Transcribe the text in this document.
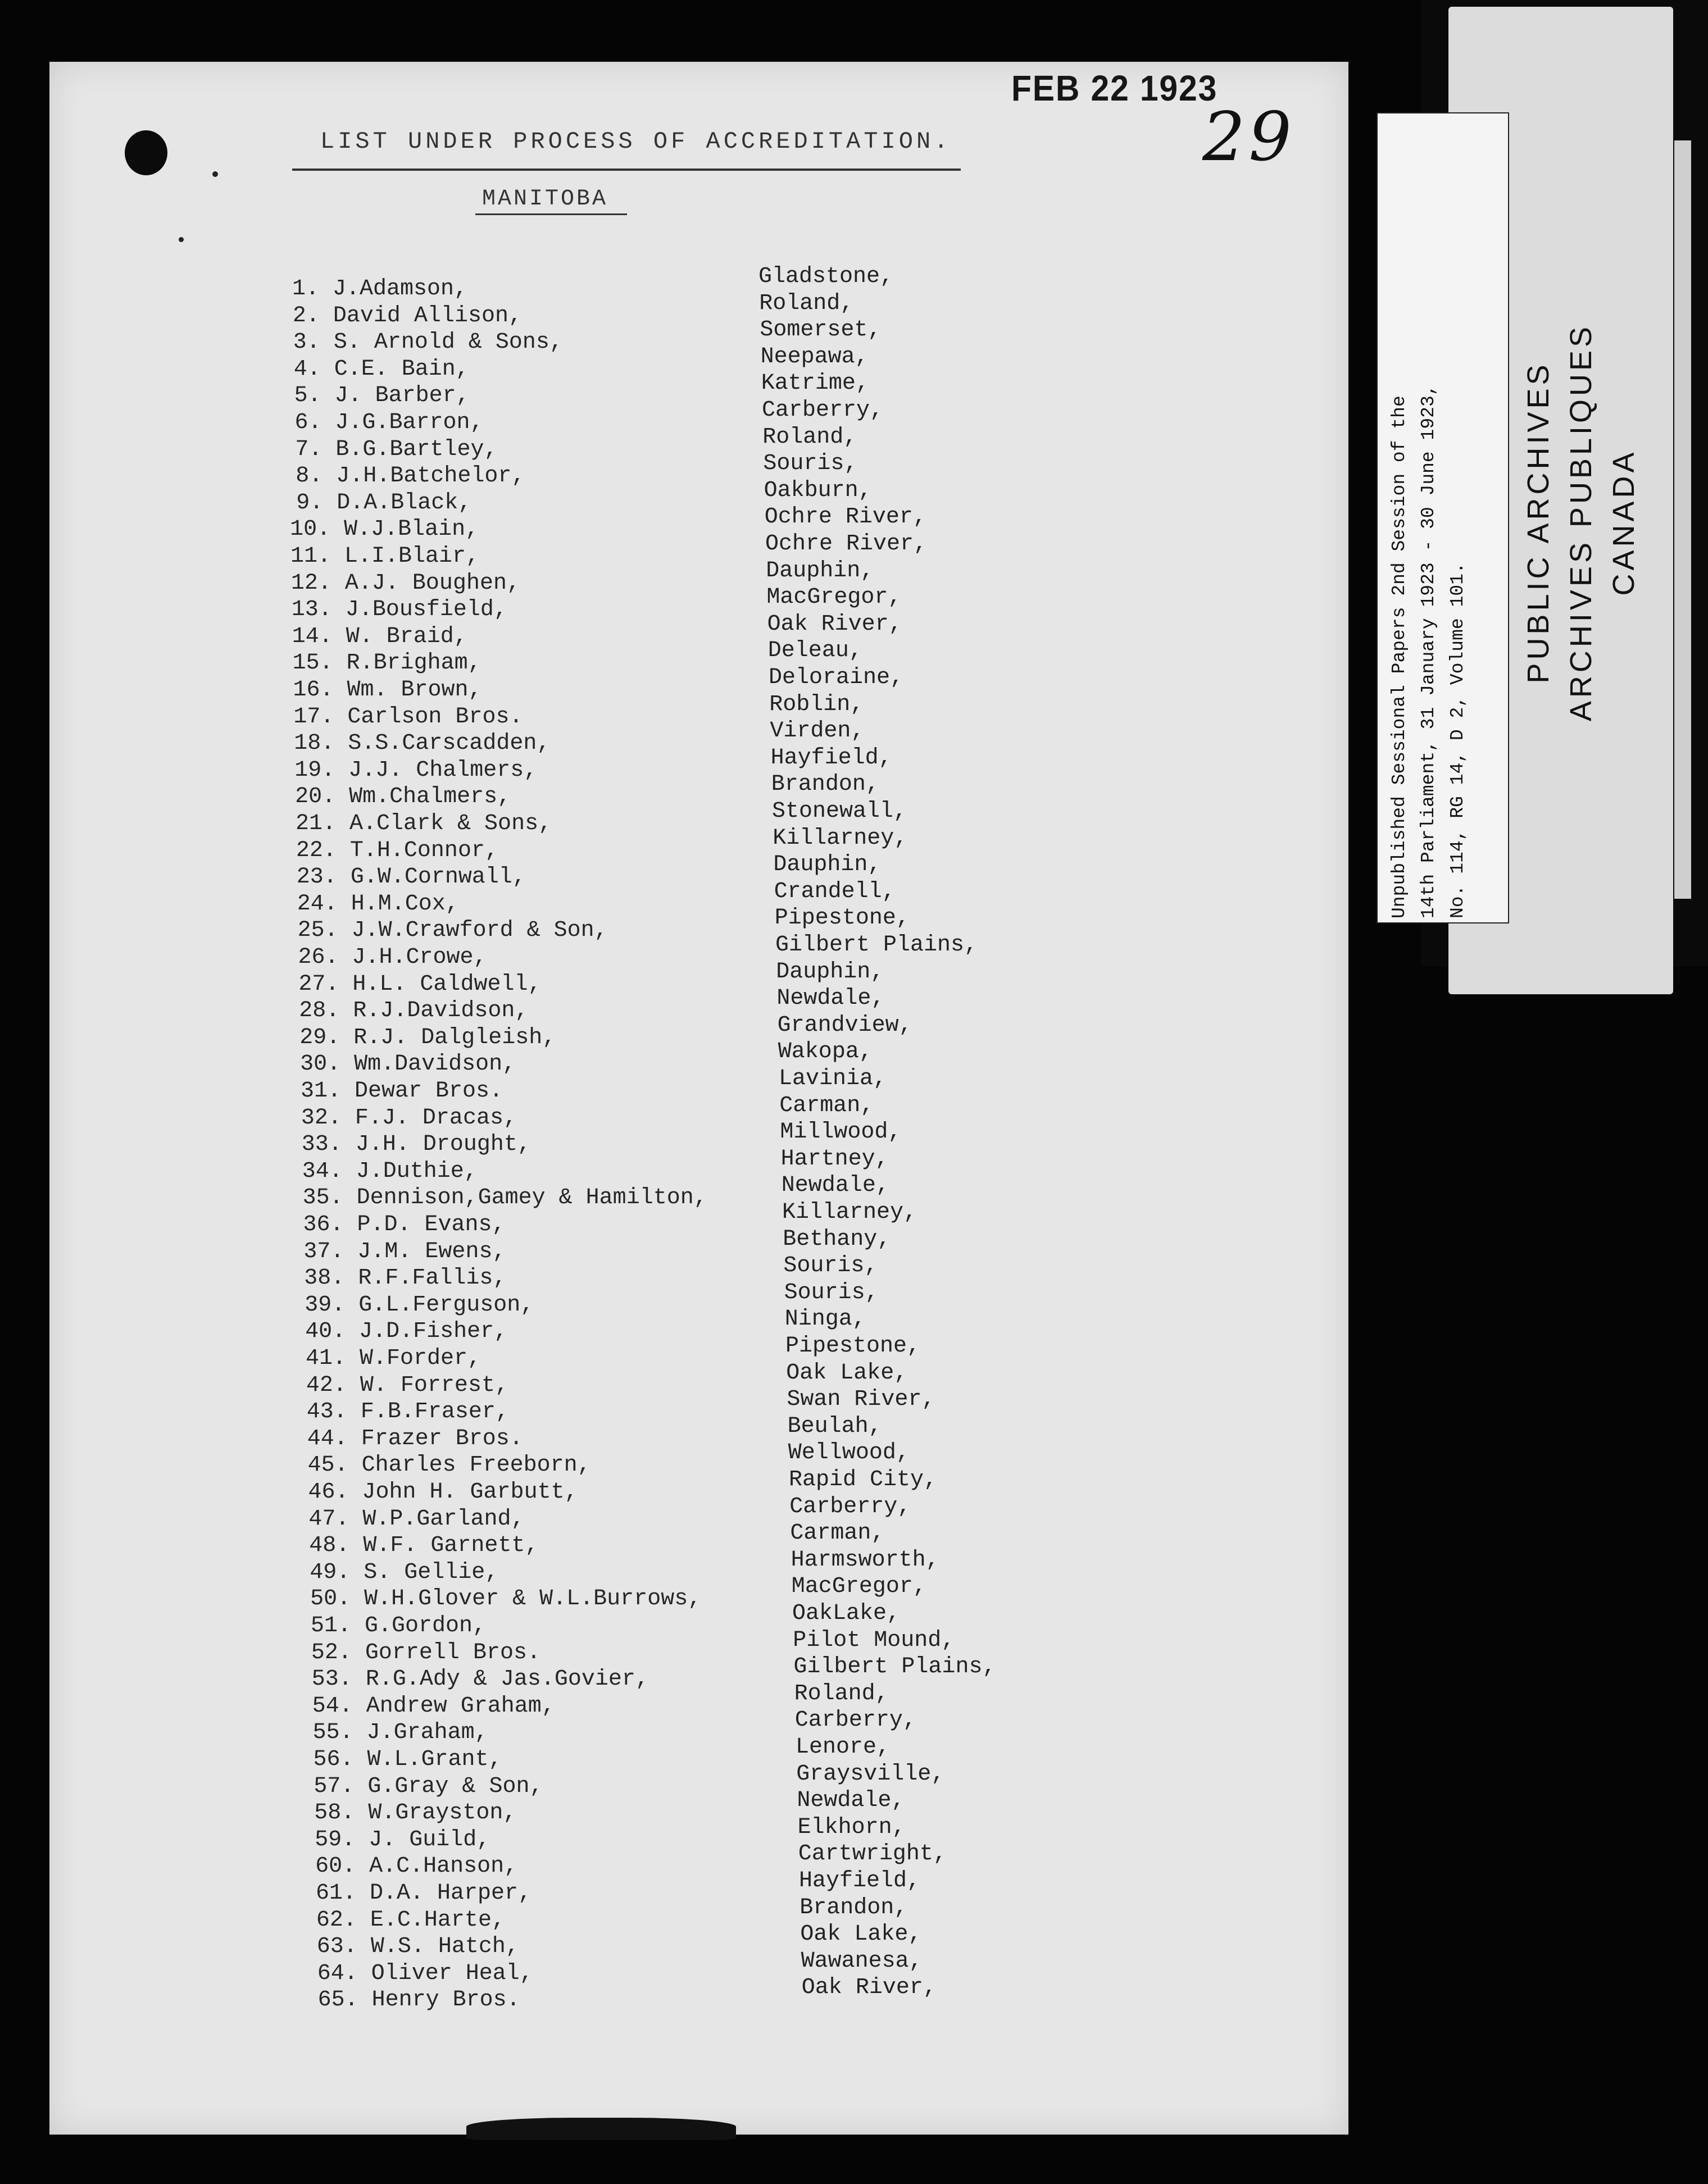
FEB 22 1923
29
LIST UNDER PROCESS OF ACCREDITATION.
MANITOBA
1. J.Adamson,	Gladstone,
2. David Allison,	Roland,
3. S. Arnold & Sons,	Somerset,
4. C.E. Bain,	Neepawa,
5. J. Barber,	Katrime,
6. J.G.Barron,	Carberry,
7. B.G.Bartley,	Roland,
8. J.H.Batchelor,	Souris,
9. D.A.Black,	Oakburn,
10. W.J.Blain,	Ochre River,
11. L.I.Blair,	Ochre River,
12. A.J. Boughen,	Dauphin,
13. J.Bousfield,	MacGregor,
14. W. Braid,	Oak River,
15. R.Brigham,	Deleau,
16. Wm. Brown,	Deloraine,
17. Carlson Bros.	Roblin,
18. S.S.Carscadden,	Virden,
19. J.J. Chalmers,	Hayfield,
20. Wm.Chalmers,	Brandon,
21. A.Clark & Sons,	Stonewall,
22. T.H.Connor,	Killarney,
23. G.W.Cornwall,	Dauphin,
24. H.M.Cox,	Crandell,
25. J.W.Crawford & Son,	Pipestone,
26. J.H.Crowe,	Gilbert Plains,
27. H.L. Caldwell,	Dauphin,
28. R.J.Davidson,	Newdale,
29. R.J. Dalgleish,	Grandview,
30. Wm.Davidson,	Wakopa,
31. Dewar Bros.	Lavinia,
32. F.J. Dracas,	Carman,
33. J.H. Drought,	Millwood,
34. J.Duthie,	Hartney,
35. Dennison,Gamey & Hamilton,	Newdale,
36. P.D. Evans,	Killarney,
37. J.M. Ewens,	Bethany,
38. R.F.Fallis,	Souris,
39. G.L.Ferguson,	Souris,
40. J.D.Fisher,	Ninga,
41. W.Forder,	Pipestone,
42. W. Forrest,	Oak Lake,
43. F.B.Fraser,	Swan River,
44. Frazer Bros.	Beulah,
45. Charles Freeborn,	Wellwood,
46. John H. Garbutt,	Rapid City,
47. W.P.Garland,	Carberry,
48. W.F. Garnett,	Carman,
49. S. Gellie,	Harmsworth,
50. W.H.Glover & W.L.Burrows,	MacGregor,
51. G.Gordon,	OakLake,
52. Gorrell Bros.	Pilot Mound,
53. R.G.Ady & Jas.Govier,	Gilbert Plains,
54. Andrew Graham,	Roland,
55. J.Graham,	Carberry,
56. W.L.Grant,	Lenore,
57. G.Gray & Son,	Graysville,
58. W.Grayston,	Newdale,
59. J. Guild,	Elkhorn,
60. A.C.Hanson,	Cartwright,
61. D.A. Harper,	Hayfield,
62. E.C.Harte,	Brandon,
63. W.S. Hatch,	Oak Lake,
64. Oliver Heal,	Wawanesa,
65. Henry Bros.	Oak River,
Unpublished Sessional Papers 2nd Session of the 14th Parliament, 31 January 1923 - 30 June 1923, No. 114, RG 14, D 2, Volume 101.
PUBLIC ARCHIVES ARCHIVES PUBLIQUES CANADA
